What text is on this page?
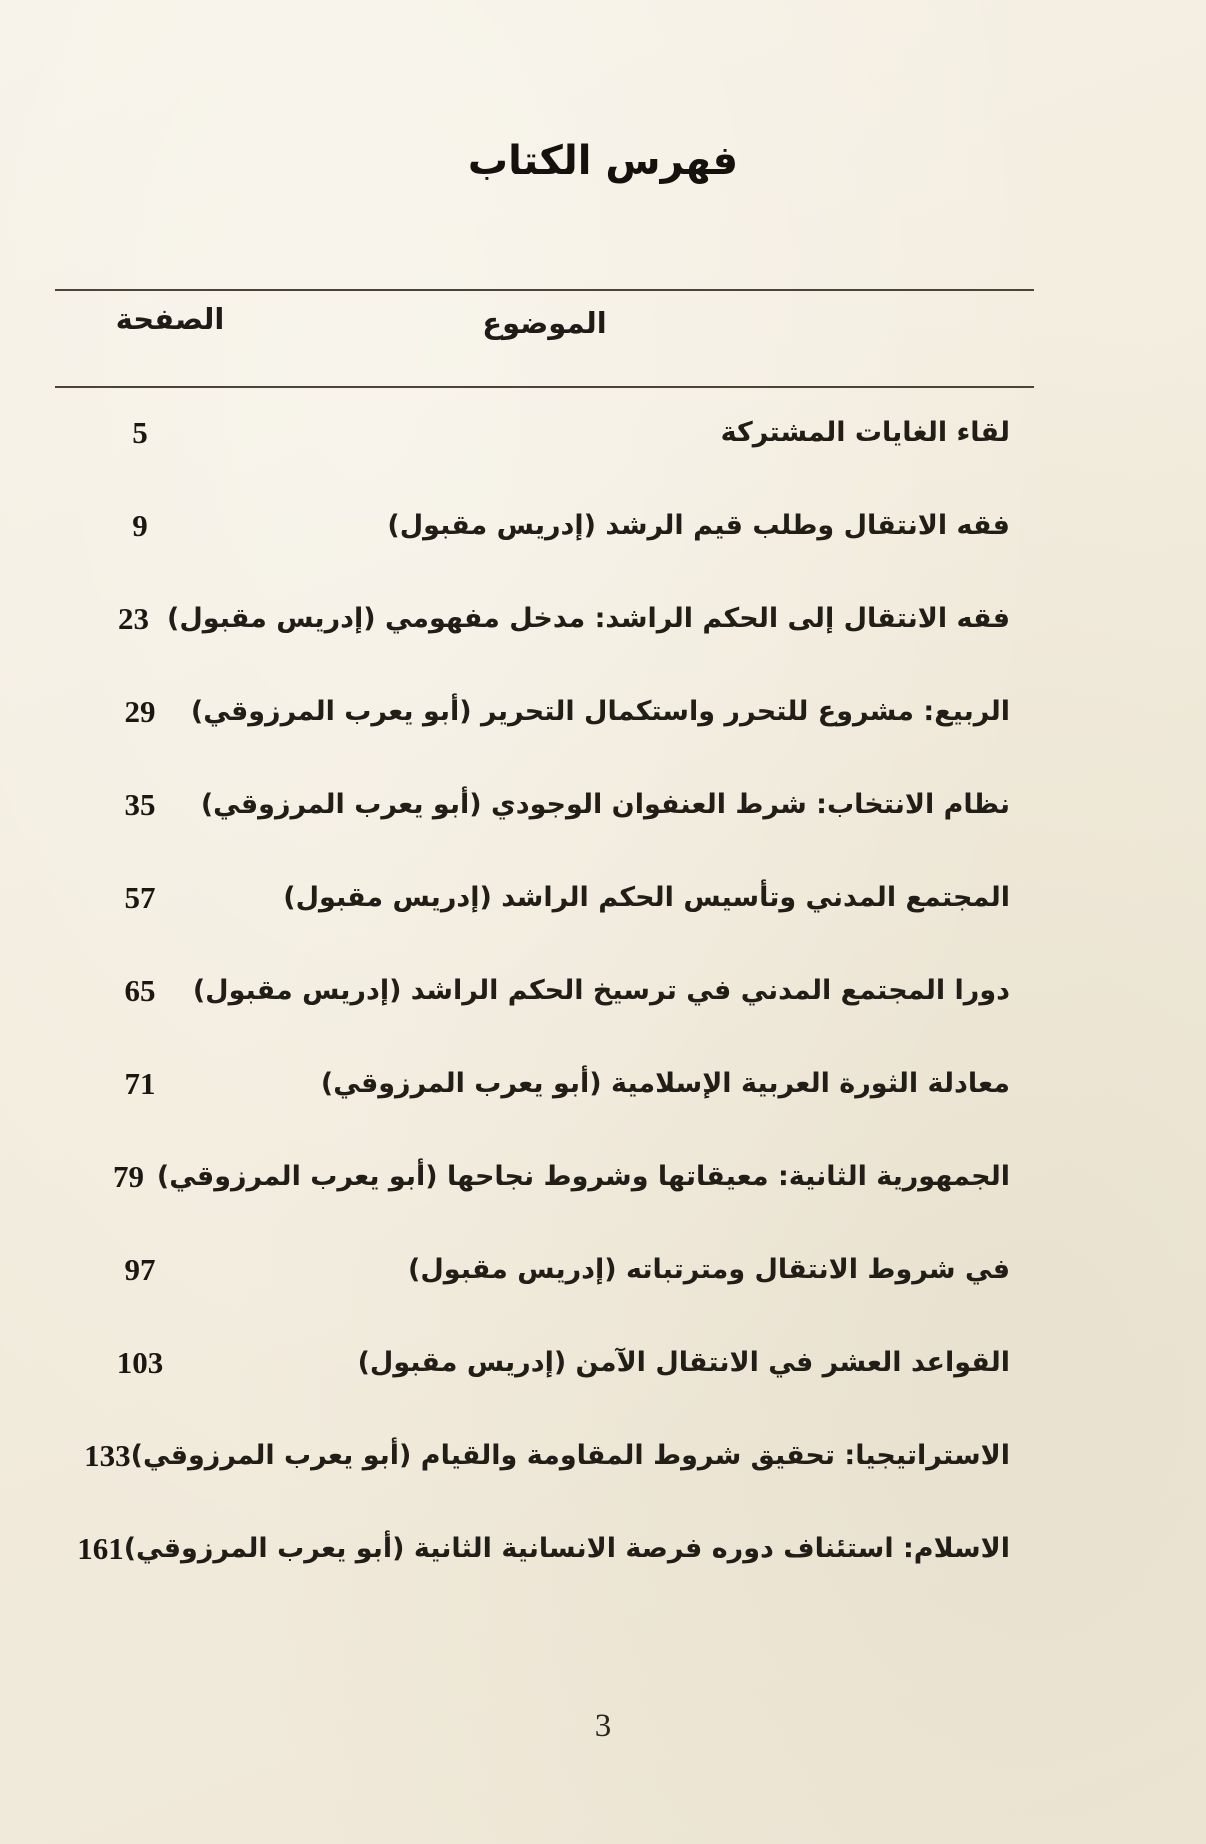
فهرس الكتاب
الموضوع
الصفحة
لقاء الغايات المشتركة
5
فقه الانتقال وطلب قيم الرشد (إدريس مقبول)
9
فقه الانتقال إلى الحكم الراشد: مدخل مفهومي (إدريس مقبول)
23
الربيع: مشروع للتحرر واستكمال التحرير (أبو يعرب المرزوقي)
29
نظام الانتخاب: شرط العنفوان الوجودي (أبو يعرب المرزوقي)
35
المجتمع المدني وتأسيس الحكم الراشد (إدريس مقبول)
57
دورا المجتمع المدني في ترسيخ الحكم الراشد (إدريس مقبول)
65
معادلة الثورة العربية الإسلامية (أبو يعرب المرزوقي)
71
الجمهورية الثانية: معيقاتها وشروط نجاحها (أبو يعرب المرزوقي)
79
في شروط الانتقال ومترتباته (إدريس مقبول)
97
القواعد العشر في الانتقال الآمن (إدريس مقبول)
103
الاستراتيجيا: تحقيق شروط المقاومة والقيام (أبو يعرب المرزوقي)
133
الاسلام: استئناف دوره فرصة الانسانية الثانية (أبو يعرب المرزوقي)
161
3
